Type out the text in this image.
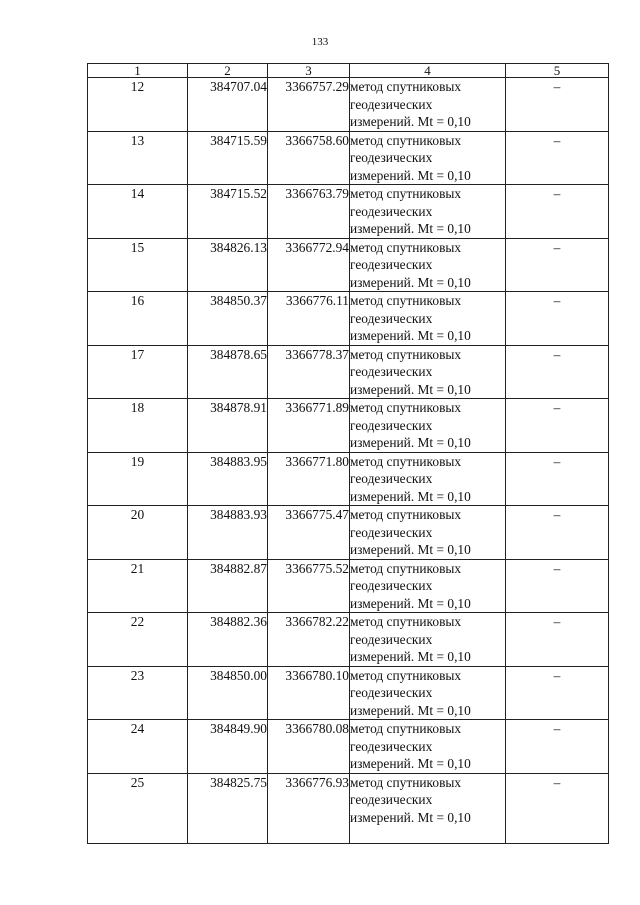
133
1	2	3	4	5
12	384707.04	3366757.29	метод спутниковых
геодезических
измерений. Mt = 0,10	–
13	384715.59	3366758.60	метод спутниковых
геодезических
измерений. Mt = 0,10	–
14	384715.52	3366763.79	метод спутниковых
геодезических
измерений. Mt = 0,10	–
15	384826.13	3366772.94	метод спутниковых
геодезических
измерений. Mt = 0,10	–
16	384850.37	3366776.11	метод спутниковых
геодезических
измерений. Mt = 0,10	–
17	384878.65	3366778.37	метод спутниковых
геодезических
измерений. Mt = 0,10	–
18	384878.91	3366771.89	метод спутниковых
геодезических
измерений. Mt = 0,10	–
19	384883.95	3366771.80	метод спутниковых
геодезических
измерений. Mt = 0,10	–
20	384883.93	3366775.47	метод спутниковых
геодезических
измерений. Mt = 0,10	–
21	384882.87	3366775.52	метод спутниковых
геодезических
измерений. Mt = 0,10	–
22	384882.36	3366782.22	метод спутниковых
геодезических
измерений. Mt = 0,10	–
23	384850.00	3366780.10	метод спутниковых
геодезических
измерений. Mt = 0,10	–
24	384849.90	3366780.08	метод спутниковых
геодезических
измерений. Mt = 0,10	–
25	384825.75	3366776.93	метод спутниковых
геодезических
измерений. Mt = 0,10	–
